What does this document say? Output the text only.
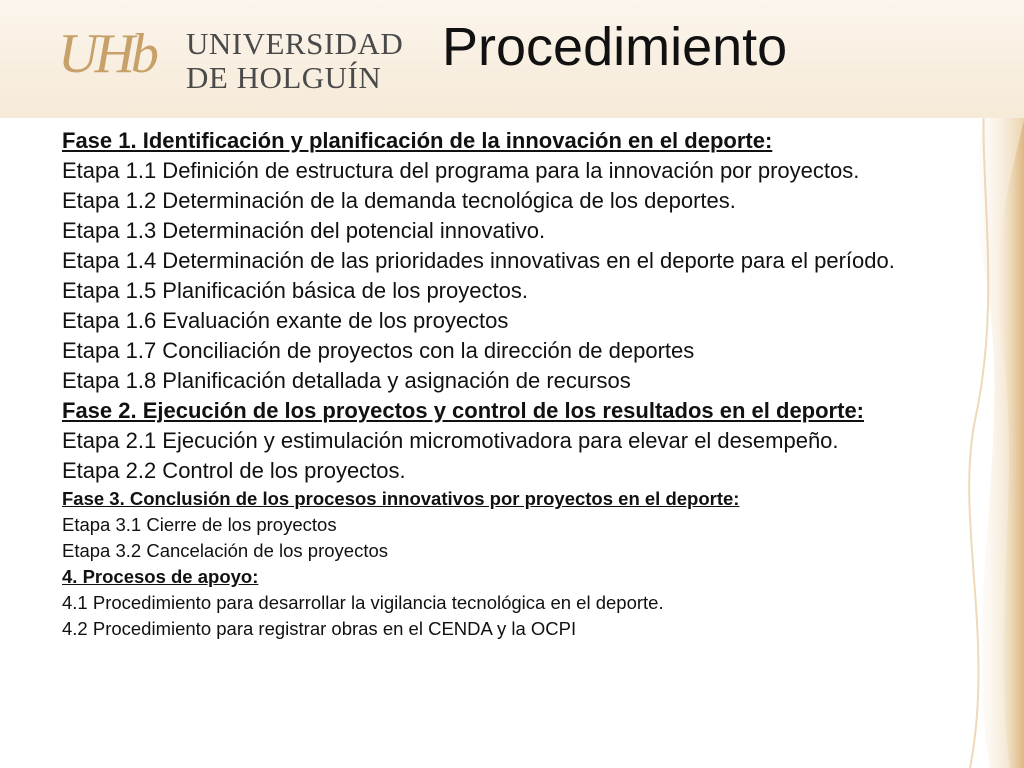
UHb UNIVERSIDAD
DE HOLGUÍN
Procedimiento

Fase 1. Identificación y planificación de la innovación en el deporte:

Etapa 1.1 Definición de estructura del programa para la innovación por proyectos.

Etapa 1.2 Determinación de la demanda tecnológica de los deportes.

Etapa 1.3 Determinación del potencial innovativo.

Etapa 1.4 Determinación de las prioridades innovativas en el deporte para el período.

Etapa 1.5 Planificación básica de los proyectos.

Etapa 1.6 Evaluación exante de los proyectos

Etapa 1.7 Conciliación de proyectos con la dirección de deportes

Etapa 1.8 Planificación detallada y asignación de recursos

Fase 2. Ejecución de los proyectos y control de los resultados en el deporte:

Etapa 2.1 Ejecución y estimulación micromotivadora para elevar el desempeño.

Etapa 2.2 Control de los proyectos.

Fase 3. Conclusión de los procesos innovativos por proyectos en el deporte:

Etapa 3.1 Cierre de los proyectos

Etapa 3.2 Cancelación de los proyectos

4. Procesos de apoyo:

4.1 Procedimiento para desarrollar la vigilancia tecnológica en el deporte.

4.2 Procedimiento para registrar obras en el CENDA y la OCPI
